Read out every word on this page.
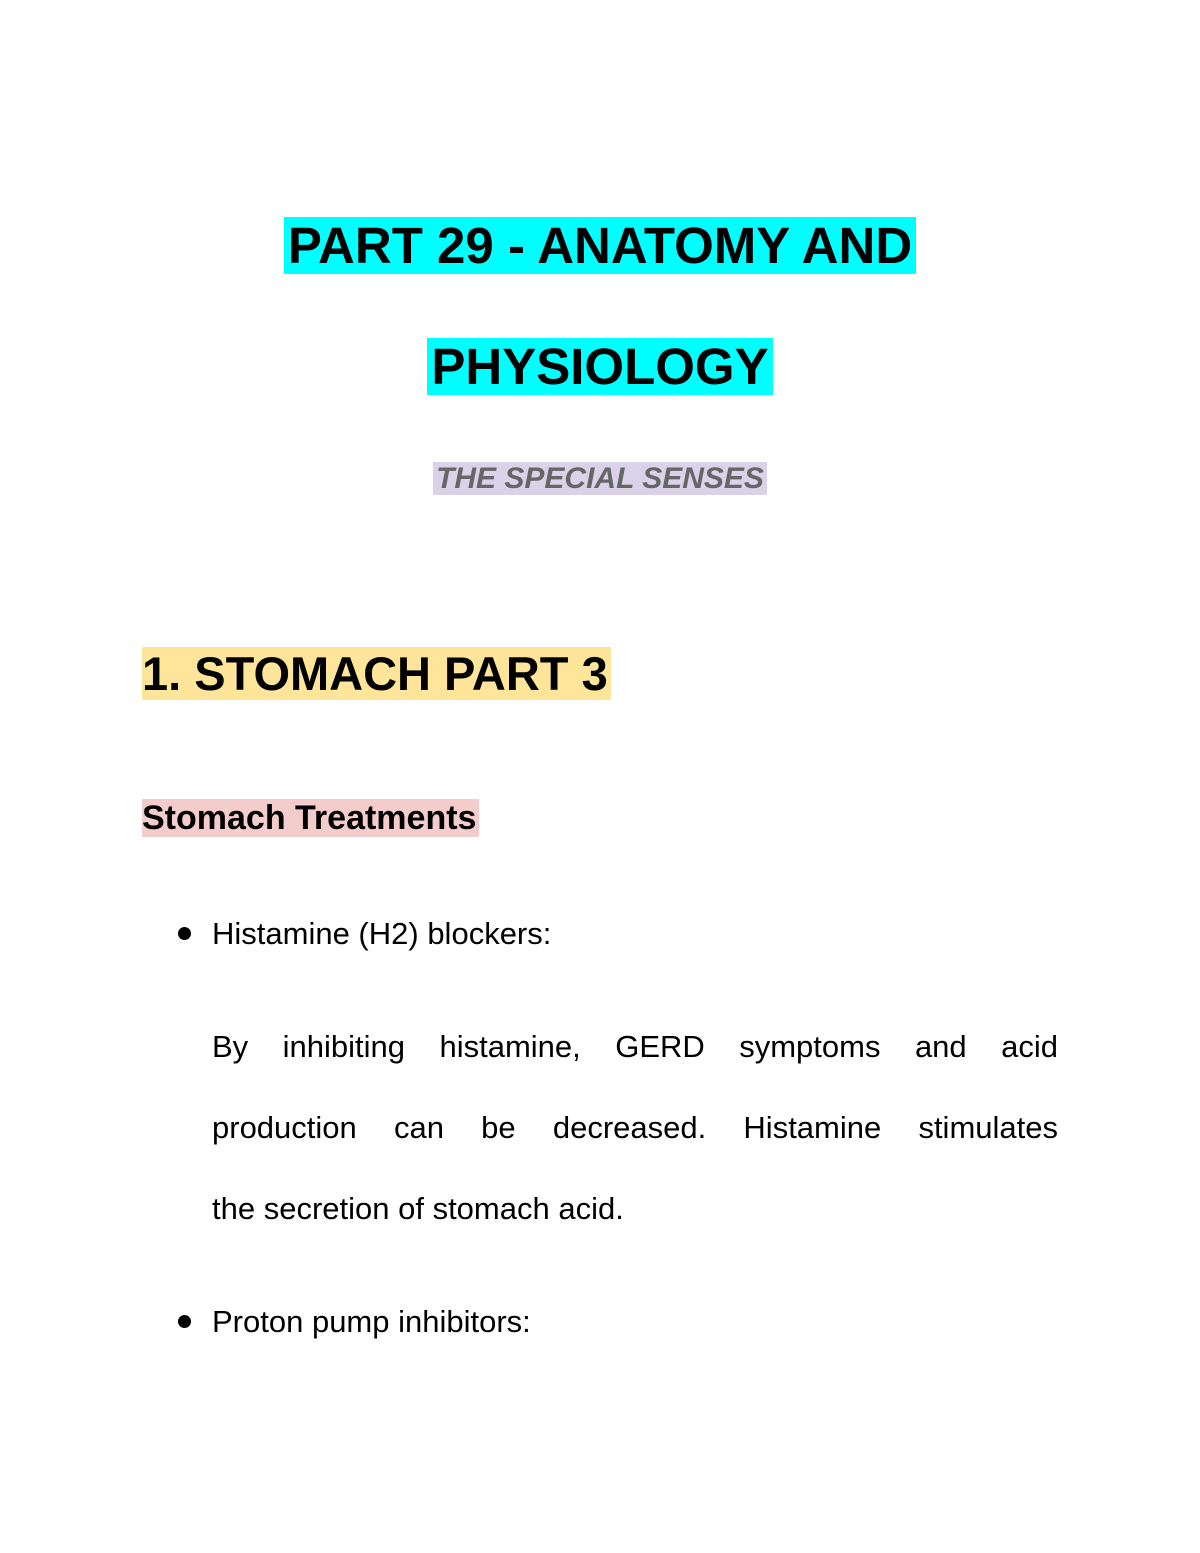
PART 29 - ANATOMY AND
PHYSIOLOGY
THE SPECIAL SENSES
1. STOMACH PART 3
Stomach Treatments
Histamine (H2) blockers:
By inhibiting histamine, GERD symptoms and acid
production can be decreased. Histamine stimulates
the secretion of stomach acid.
Proton pump inhibitors:
